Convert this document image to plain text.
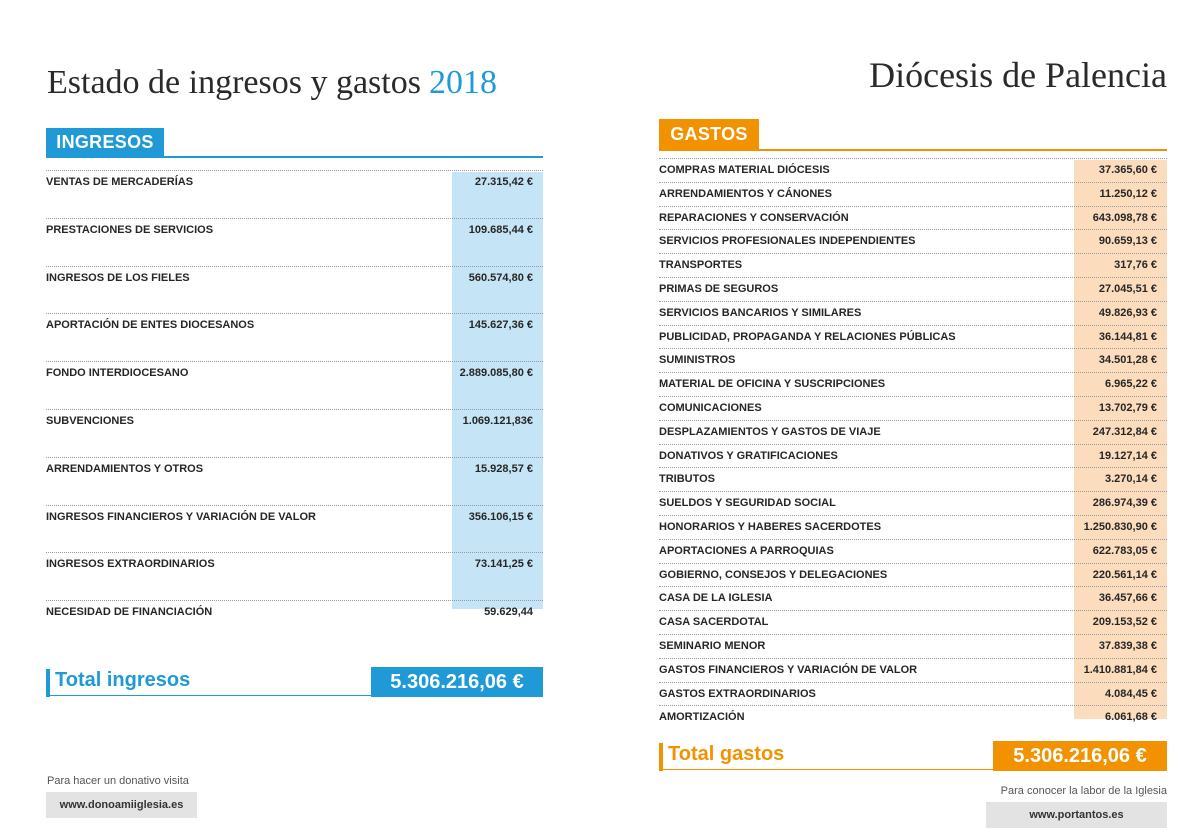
Estado de ingresos y gastos 2018	Diócesis de Palencia
INGRESOS
VENTAS DE MERCADERÍAS	27.315,42 €
PRESTACIONES DE SERVICIOS	109.685,44 €
INGRESOS DE LOS FIELES	560.574,80 €
APORTACIÓN DE ENTES DIOCESANOS	145.627,36 €
FONDO INTERDIOCESANO	2.889.085,80 €
SUBVENCIONES	1.069.121,83€
ARRENDAMIENTOS Y OTROS	15.928,57 €
INGRESOS FINANCIEROS Y VARIACIÓN DE VALOR	356.106,15 €
INGRESOS EXTRAORDINARIOS	73.141,25 €
NECESIDAD DE FINANCIACIÓN	59.629,44
Total ingresos	5.306.216,06 €
Para hacer un donativo visita
www.donoamiiglesia.es
GASTOS
COMPRAS MATERIAL DIÓCESIS	37.365,60 €
ARRENDAMIENTOS Y CÁNONES	11.250,12 €
REPARACIONES Y CONSERVACIÓN	643.098,78 €
SERVICIOS PROFESIONALES INDEPENDIENTES	90.659,13 €
TRANSPORTES	317,76 €
PRIMAS DE SEGUROS	27.045,51 €
SERVICIOS BANCARIOS Y SIMILARES	49.826,93 €
PUBLICIDAD, PROPAGANDA Y RELACIONES PÚBLICAS	36.144,81 €
SUMINISTROS	34.501,28 €
MATERIAL DE OFICINA Y SUSCRIPCIONES	6.965,22 €
COMUNICACIONES	13.702,79 €
DESPLAZAMIENTOS Y GASTOS DE VIAJE	247.312,84 €
DONATIVOS Y GRATIFICACIONES	19.127,14 €
TRIBUTOS	3.270,14 €
SUELDOS Y SEGURIDAD SOCIAL	286.974,39 €
HONORARIOS Y HABERES SACERDOTES	1.250.830,90 €
APORTACIONES A PARROQUIAS	622.783,05 €
GOBIERNO, CONSEJOS Y DELEGACIONES	220.561,14 €
CASA DE LA IGLESIA	36.457,66 €
CASA SACERDOTAL	209.153,52 €
SEMINARIO MENOR	37.839,38 €
GASTOS FINANCIEROS Y VARIACIÓN DE VALOR	1.410.881,84 €
GASTOS EXTRAORDINARIOS	4.084,45 €
AMORTIZACIÓN	6.061,68 €
Total gastos	5.306.216,06 €
Para conocer la labor de la Iglesia
www.portantos.es
